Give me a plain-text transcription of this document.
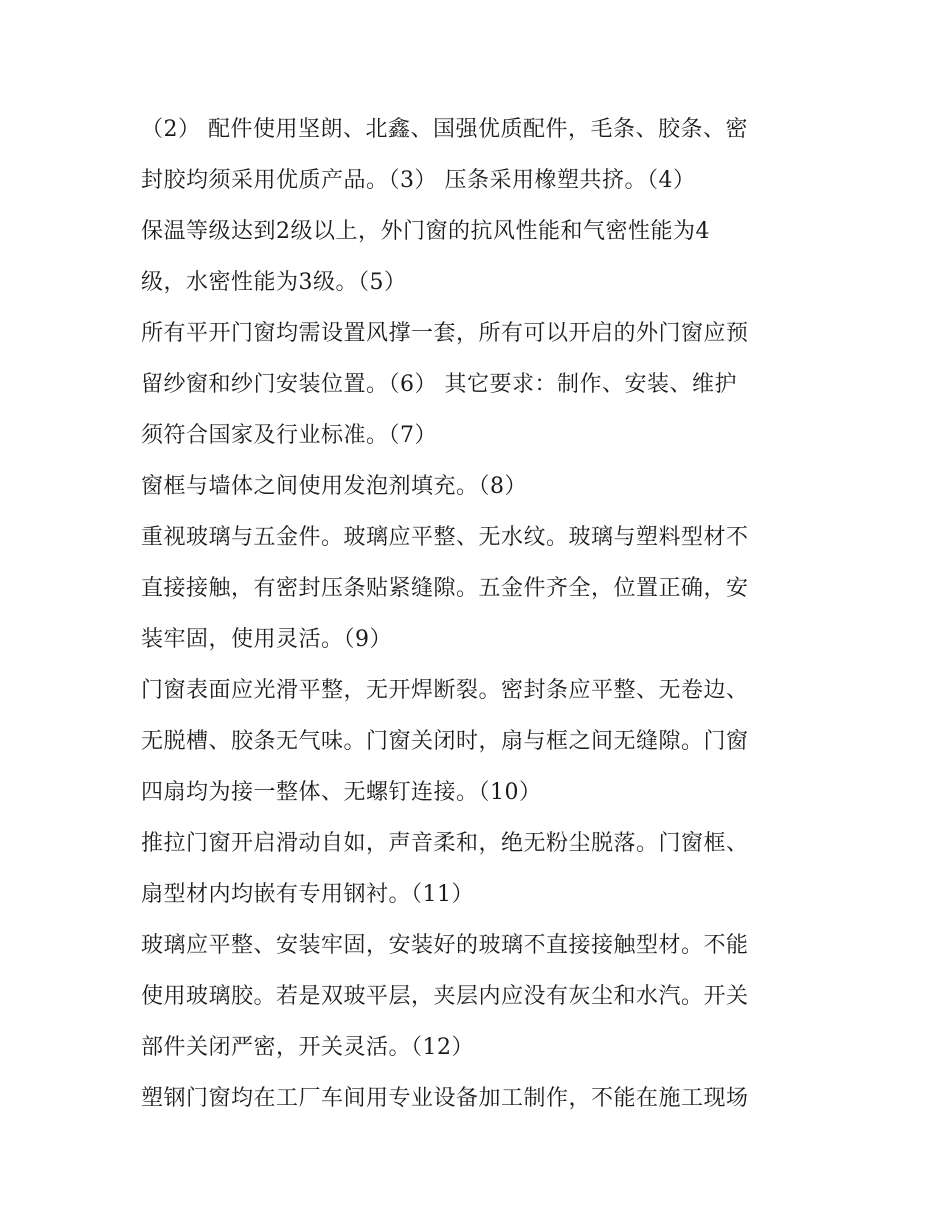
（2） 配件使用坚朗、北鑫、国强优质配件，毛条、胶条、密
封胶均须采用优质产品。（3） 压条采用橡塑共挤。（4）
保温等级达到2级以上，外门窗的抗风性能和气密性能为4
级，水密性能为3级。（5）
所有平开门窗均需设置风撑一套，所有可以开启的外门窗应预
留纱窗和纱门安装位置。（6） 其它要求：制作、安装、维护
须符合国家及行业标准。（7）
窗框与墙体之间使用发泡剂填充。（8）
重视玻璃与五金件。玻璃应平整、无水纹。玻璃与塑料型材不
直接接触，有密封压条贴紧缝隙。五金件齐全，位置正确，安
装牢固，使用灵活。（9）
门窗表面应光滑平整，无开焊断裂。密封条应平整、无卷边、
无脱槽、胶条无气味。门窗关闭时，扇与框之间无缝隙。门窗
四扇均为接一整体、无螺钉连接。（10）
推拉门窗开启滑动自如，声音柔和，绝无粉尘脱落。门窗框、
扇型材内均嵌有专用钢衬。（11）
玻璃应平整、安装牢固，安装好的玻璃不直接接触型材。不能
使用玻璃胶。若是双玻平层，夹层内应没有灰尘和水汽。开关
部件关闭严密，开关灵活。（12）
塑钢门窗均在工厂车间用专业设备加工制作，不能在施工现场
